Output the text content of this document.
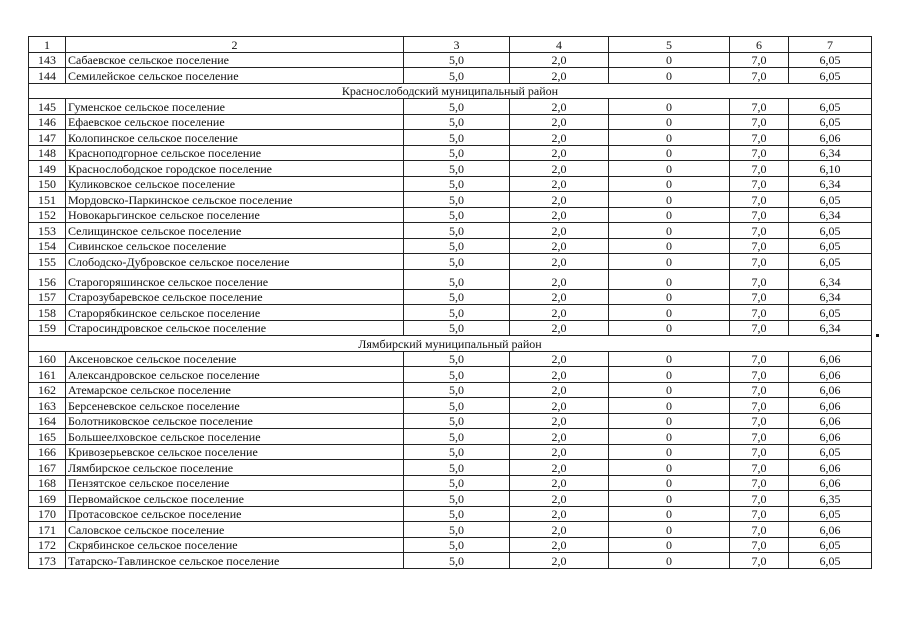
1	2	3	4	5	6	7
143	Сабаевское сельское поселение	5,0	2,0	0	7,0	6,05
144	Семилейское сельское поселение	5,0	2,0	0	7,0	6,05
Краснослободский муниципальный район						
145	Гуменское сельское поселение	5,0	2,0	0	7,0	6,05
146	Ефаевское сельское поселение	5,0	2,0	0	7,0	6,05
147	Колопинское сельское поселение	5,0	2,0	0	7,0	6,06
148	Красноподгорное сельское поселение	5,0	2,0	0	7,0	6,34
149	Краснослободское городское поселение	5,0	2,0	0	7,0	6,10
150	Куликовское сельское поселение	5,0	2,0	0	7,0	6,34
151	Мордовско-Паркинское сельское поселение	5,0	2,0	0	7,0	6,05
152	Новокарьгинское сельское поселение	5,0	2,0	0	7,0	6,34
153	Селищинское сельское поселение	5,0	2,0	0	7,0	6,05
154	Сивинское сельское поселение	5,0	2,0	0	7,0	6,05
155	Слободско-Дубровское сельское поселение	5,0	2,0	0	7,0	6,05
156	Старогоряшинское сельское поселение	5,0	2,0	0	7,0	6,34
157	Старозубаревское сельское поселение	5,0	2,0	0	7,0	6,34
158	Старорябкинское сельское поселение	5,0	2,0	0	7,0	6,05
159	Старосиндровское сельское поселение	5,0	2,0	0	7,0	6,34
Лямбирский муниципальный район						
160	Аксеновское сельское поселение	5,0	2,0	0	7,0	6,06
161	Александровское сельское поселение	5,0	2,0	0	7,0	6,06
162	Атемарское сельское поселение	5,0	2,0	0	7,0	6,06
163	Берсеневское сельское поселение	5,0	2,0	0	7,0	6,06
164	Болотниковское сельское поселение	5,0	2,0	0	7,0	6,06
165	Большеелховское сельское поселение	5,0	2,0	0	7,0	6,06
166	Кривозерьевское сельское поселение	5,0	2,0	0	7,0	6,05
167	Лямбирское сельское поселение	5,0	2,0	0	7,0	6,06
168	Пензятское сельское поселение	5,0	2,0	0	7,0	6,06
169	Первомайское сельское поселение	5,0	2,0	0	7,0	6,35
170	Протасовское сельское поселение	5,0	2,0	0	7,0	6,05
171	Саловское сельское поселение	5,0	2,0	0	7,0	6,06
172	Скрябинское сельское поселение	5,0	2,0	0	7,0	6,05
173	Татарско-Тавлинское сельское поселение	5,0	2,0	0	7,0	6,05
